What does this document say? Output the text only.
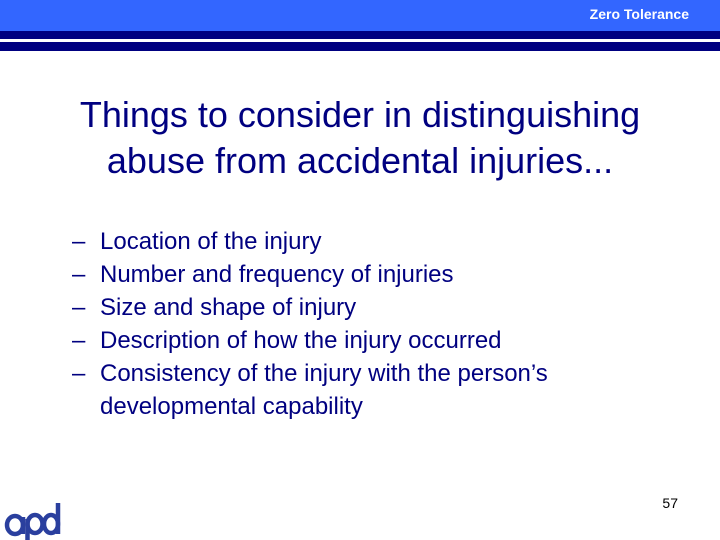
Zero Tolerance
Things to consider in distinguishing
abuse from accidental injuries...
– Location of the injury
– Number and frequency of injuries
– Size and shape of injury
– Description of how the injury occurred
– Consistency of the injury with the person’s developmental capability
57
